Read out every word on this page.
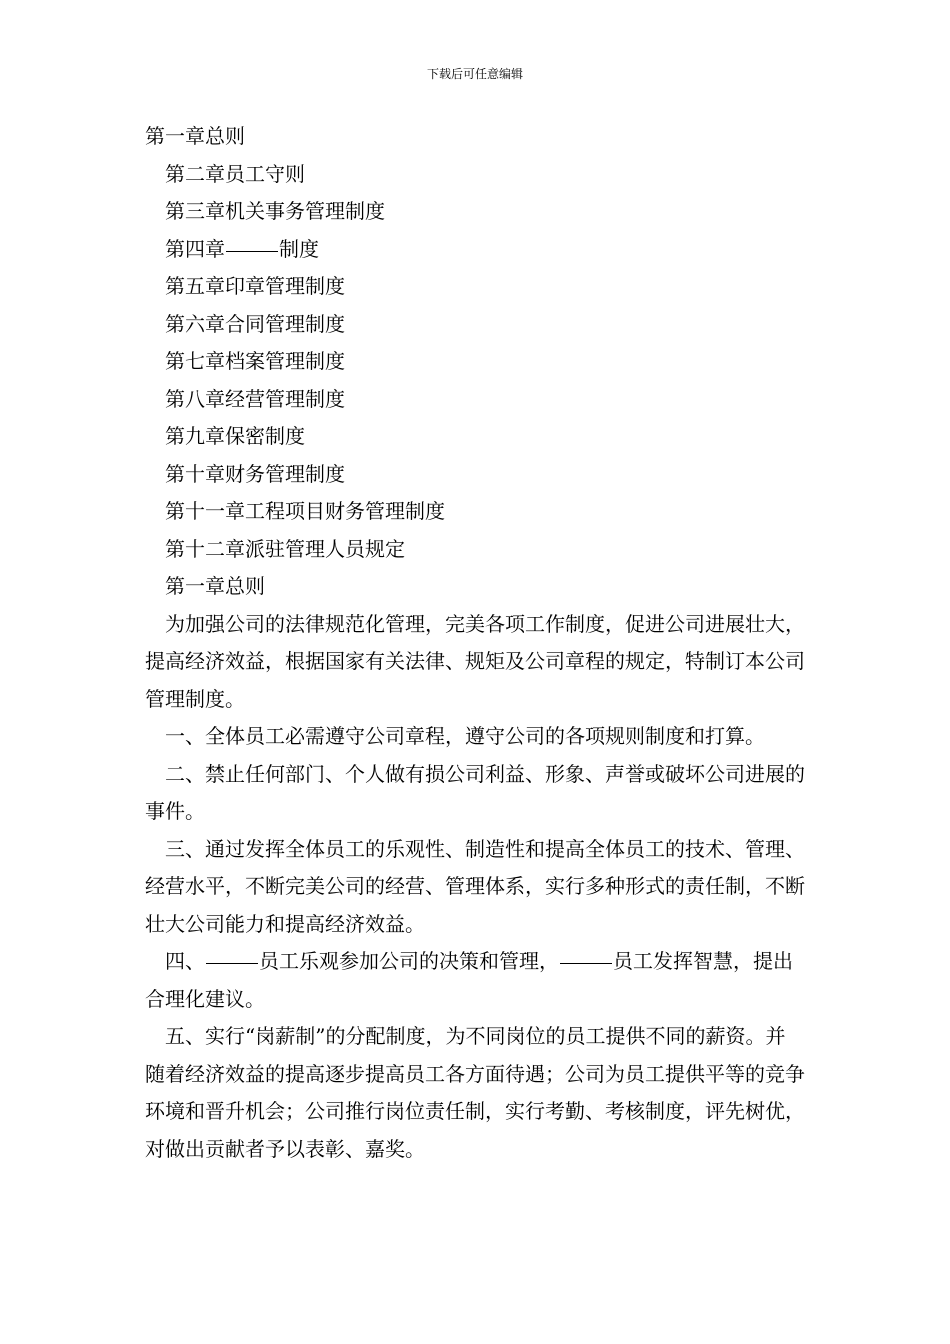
下载后可任意编辑

第一章总则

第二章员工守则

第三章机关事务管理制度

第四章	制度

第五章印章管理制度

第六章合同管理制度

第七章档案管理制度

第八章经营管理制度

第九章保密制度

第十章财务管理制度

第十一章工程项目财务管理制度

第十二章派驻管理人员规定

第一章总则

为加强公司的法律规范化管理，完美各项工作制度，促进公司进展壮大，提高经济效益，根据国家有关法律、规矩及公司章程的规定，特制订本公司管理制度。

一、全体员工必需遵守公司章程，遵守公司的各项规则制度和打算。

二、禁止任何部门、个人做有损公司利益、形象、声誉或破坏公司进展的事件。

三、通过发挥全体员工的乐观性、制造性和提高全体员工的技术、管理、经营水平，不断完美公司的经营、管理体系，实行多种形式的责任制，不断壮大公司能力和提高经济效益。

四、	员工乐观参加公司的决策和管理，	员工发挥智慧，提出合理化建议。

五、实行“岗薪制”的分配制度，为不同岗位的员工提供不同的薪资。并随着经济效益的提高逐步提高员工各方面待遇；公司为员工提供平等的竞争环境和晋升机会；公司推行岗位责任制，实行考勤、考核制度，评先树优，对做出贡献者予以表彰、嘉奖。
